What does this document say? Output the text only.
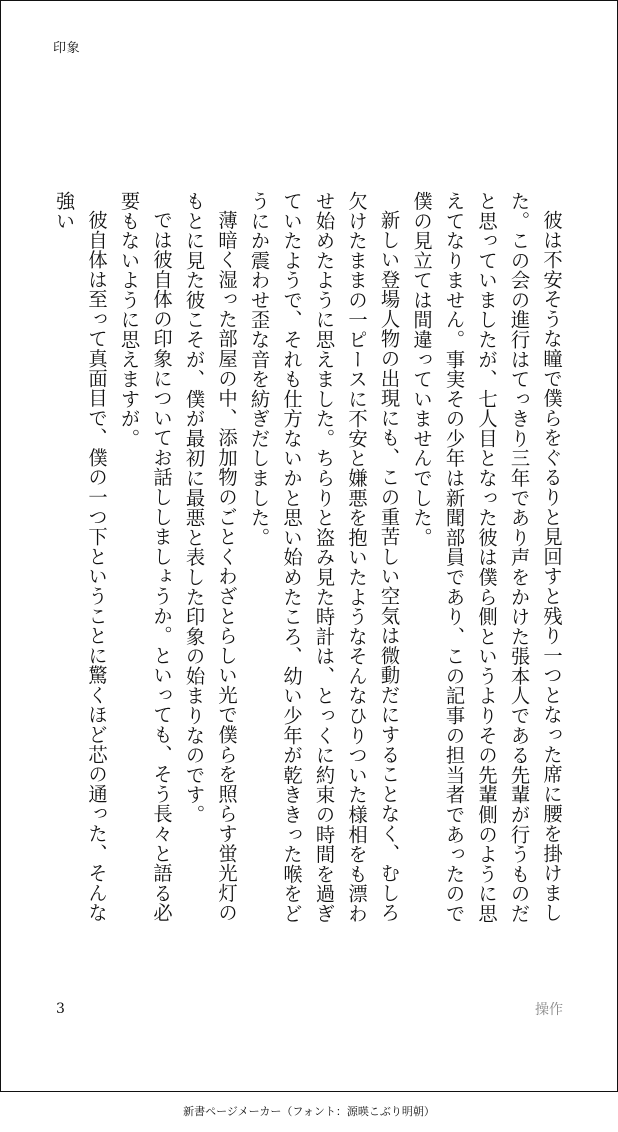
印象

彼は不安そうな瞳で僕らをぐるりと見回すと残り一つとなった席に腰を掛けました。この会の進行はてっきり三年であり声をかけた張本人である先輩が行うものだと思っていましたが、七人目となった彼は僕ら側というよりその先輩側のように思えてなりません。事実その少年は新聞部員であり、この記事の担当者であったので僕の見立ては間違っていませんでした。

新しい登場人物の出現にも、この重苦しい空気は微動だにすることなく、むしろ欠けたままの一ピースに不安と嫌悪を抱いたようなそんなひりついた様相をも漂わせ始めたように思えました。ちらりと盗み見た時計は、とっくに約束の時間を過ぎていたようで、それも仕方ないかと思い始めたころ、幼い少年が乾ききった喉をどうにか震わせ歪な音を紡ぎだしました。

薄暗く湿った部屋の中、添加物のごとくわざとらしい光で僕らを照らす蛍光灯のもとに見た彼こそが、僕が最初に最悪と表した印象の始まりなのです。

では彼自体の印象についてお話ししましょうか。といっても、そう長々と語る必要もないように思えますが。

彼自体は至って真面目で、僕の一つ下ということに驚くほど芯の通った、そんな強い

3	操作
新書ページメーカー（フォント：源暎こぶり明朝）
